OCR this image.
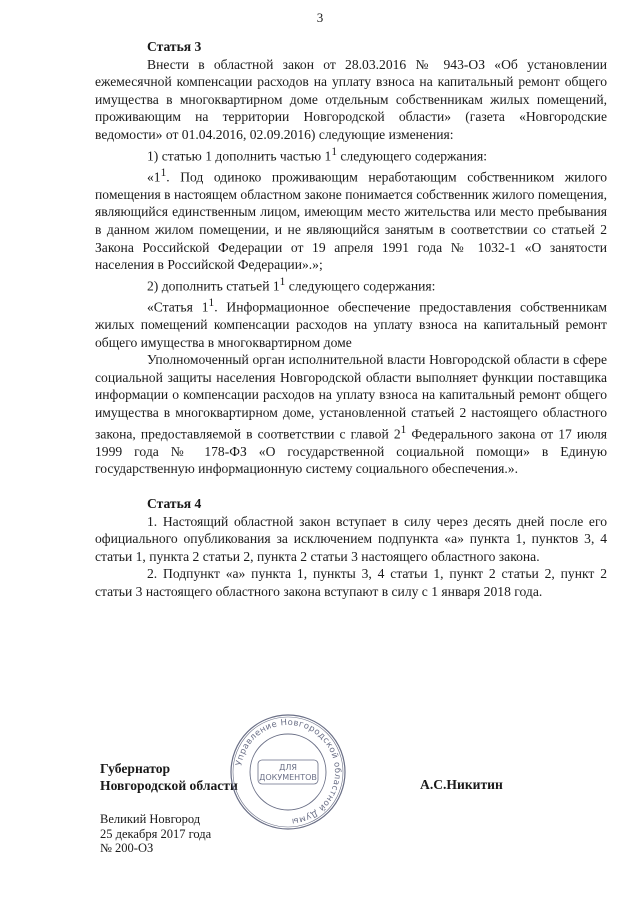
3
Статья 3

Внести в областной закон от 28.03.2016 № 943-ОЗ «Об установлении ежемесячной компенсации расходов на уплату взноса на капитальный ремонт общего имущества в многоквартирном доме отдельным собственникам жилых помещений, проживающим на территории Новгородской области» (газета «Новгородские ведомости» от 01.04.2016, 02.09.2016) следующие изменения:

1) статью 1 дополнить частью $1^1$ следующего содержания:

«$1^1$. Под одиноко проживающим неработающим собственником жилого помещения в настоящем областном законе понимается собственник жилого помещения, являющийся единственным лицом, имеющим место жительства или место пребывания в данном жилом помещении, и не являющийся занятым в соответствии со статьей 2 Закона Российской Федерации от 19 апреля 1991 года № 1032-1 «О занятости населения в Российской Федерации».»;

2) дополнить статьей $1^1$ следующего содержания:

«Статья $1^1$. Информационное обеспечение предоставления собственникам жилых помещений компенсации расходов на уплату взноса на капитальный ремонт общего имущества в многоквартирном доме

Уполномоченный орган исполнительной власти Новгородской области в сфере социальной защиты населения Новгородской области выполняет функции поставщика информации о компенсации расходов на уплату взноса на капитальный ремонт общего имущества в многоквартирном доме, установленной статьей 2 настоящего областного закона, предоставляемой в соответствии с главой $2^1$ Федерального закона от 17 июля 1999 года № 178-ФЗ «О государственной социальной помощи» в Единую государственную информационную систему социального обеспечения.».

Статья 4

1. Настоящий областной закон вступает в силу через десять дней после его официального опубликования за исключением подпункта «а» пункта 1, пунктов 3, 4 статьи 1, пункта 2 статьи 2, пункта 2 статьи 3 настоящего областного закона.

2. Подпункт «а» пункта 1, пункты 3, 4 статьи 1, пункт 2 статьи 2, пункт 2 статьи 3 настоящего областного закона вступают в силу с 1 января 2018 года.

Губернатор
Новгородской области	А.С.Никитин
Управление Новгородской областной Думы
ДЛЯ
ДОКУМЕНТОВ
Великий Новгород
25 декабря 2017 года
№ 200-ОЗ
